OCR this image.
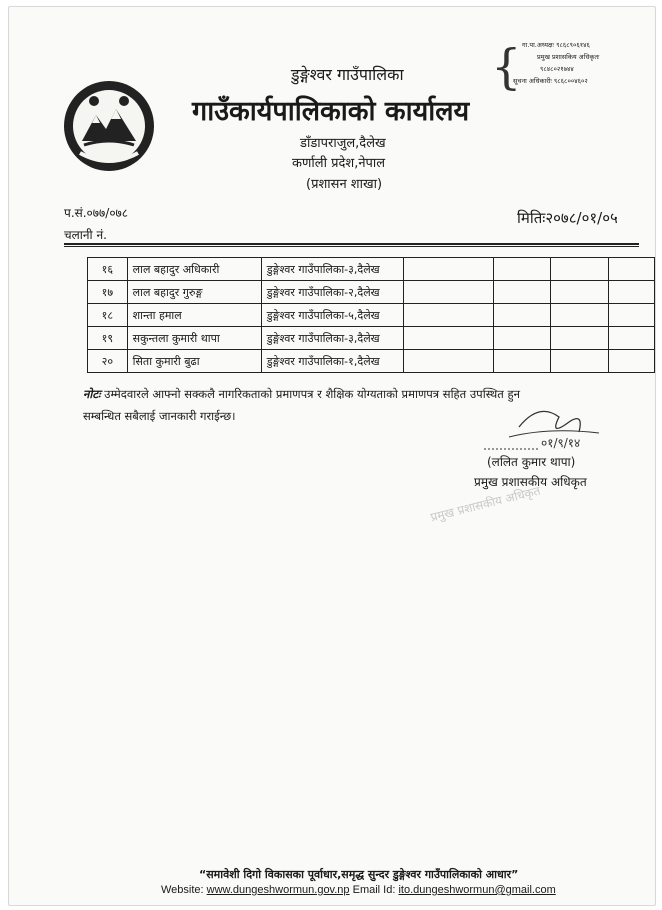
डुङ्गेश्वर गाउँपालिका
गाउँकार्यपालिकाको कार्यालय
डाँडापराजुल,दैलेख
कर्णाली प्रदेश,नेपाल
(प्रशासन शाखा)
{ गा.पा.अध्यक्षः ९८६८९०६१४६
प्रमुख प्रशासकिय अधिकृतः
९८४८०२१७४४
सूचना अधिकारीः ९८६८००४६०२
प.सं.०७७/०७८
चलानी नं.
मितिः२०७८/०१/०५
१६	लाल बहादुर अधिकारी	डुङ्गेश्वर गाउँपालिका-३,दैलेख				
१७	लाल बहादुर गुरुङ्ग	डुङ्गेश्वर गाउँपालिका-२,दैलेख				
१८	शान्ता हमाल	डुङ्गेश्वर गाउँपालिका-५,दैलेख				
१९	सकुन्तला कुमारी थापा	डुङ्गेश्वर गाउँपालिका-३,दैलेख				
२०	सिता कुमारी बुढा	डुङ्गेश्वर गाउँपालिका-१,दैलेख				
नोटः उम्मेदवारले आफ्नो सक्कलै नागरिकताको प्रमाणपत्र र शैक्षिक योग्यताको प्रमाणपत्र सहित उपस्थित हुन
सम्बन्धित सबैलाई जानकारी गराईन्छ।
०१/९/१४
(ललित कुमार थापा)
प्रमुख प्रशासकीय अधिकृत
प्रमुख प्रशासकीय अधिकृत
“समावेशी दिगो विकासका पूर्वाधार,समृद्ध सुन्दर डुङ्गेश्वर गाउँपालिकाको आधार”
Website: www.dungeshwormun.gov.np Email Id: ito.dungeshwormun@gmail.com
